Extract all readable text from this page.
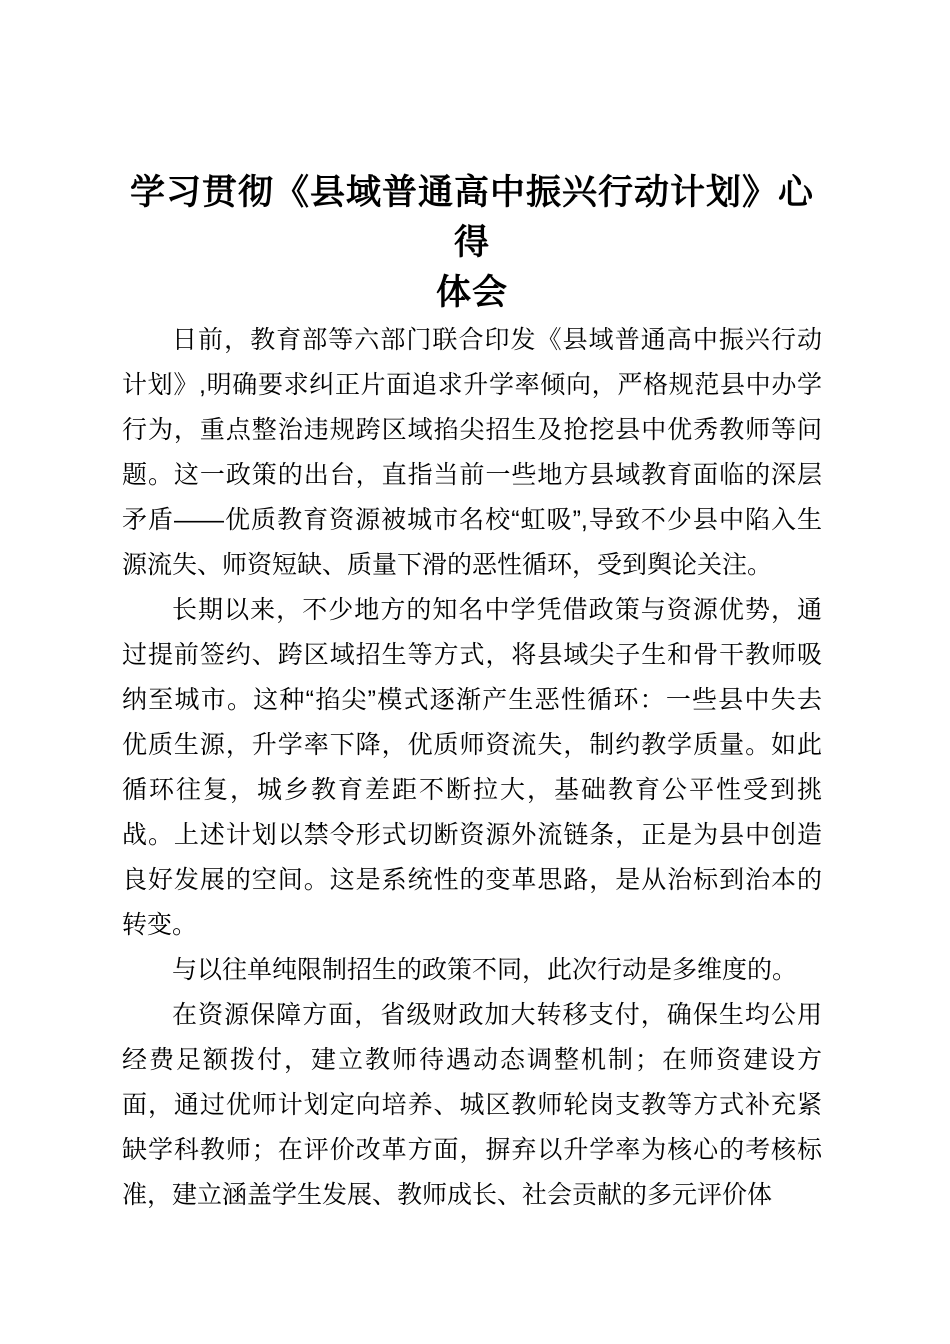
学习贯彻《县域普通高中振兴行动计划》心得
体会
日前，教育部等六部门联合印发《县域普通高中振兴行动
计划》,明确要求纠正片面追求升学率倾向，严格规范县中办学
行为，重点整治违规跨区域掐尖招生及抢挖县中优秀教师等问
题。这一政策的出台，直指当前一些地方县域教育面临的深层
矛盾——优质教育资源被城市名校“虹吸”,导致不少县中陷入生
源流失、师资短缺、质量下滑的恶性循环，受到舆论关注。
长期以来，不少地方的知名中学凭借政策与资源优势，通
过提前签约、跨区域招生等方式，将县域尖子生和骨干教师吸
纳至城市。这种“掐尖”模式逐渐产生恶性循环：一些县中失去
优质生源，升学率下降，优质师资流失，制约教学质量。如此
循环往复，城乡教育差距不断拉大，基础教育公平性受到挑
战。上述计划以禁令形式切断资源外流链条，正是为县中创造
良好发展的空间。这是系统性的变革思路，是从治标到治本的
转变。
与以往单纯限制招生的政策不同，此次行动是多维度的。
在资源保障方面，省级财政加大转移支付，确保生均公用
经费足额拨付，建立教师待遇动态调整机制；在师资建设方
面，通过优师计划定向培养、城区教师轮岗支教等方式补充紧
缺学科教师；在评价改革方面，摒弃以升学率为核心的考核标
准，建立涵盖学生发展、教师成长、社会贡献的多元评价体
